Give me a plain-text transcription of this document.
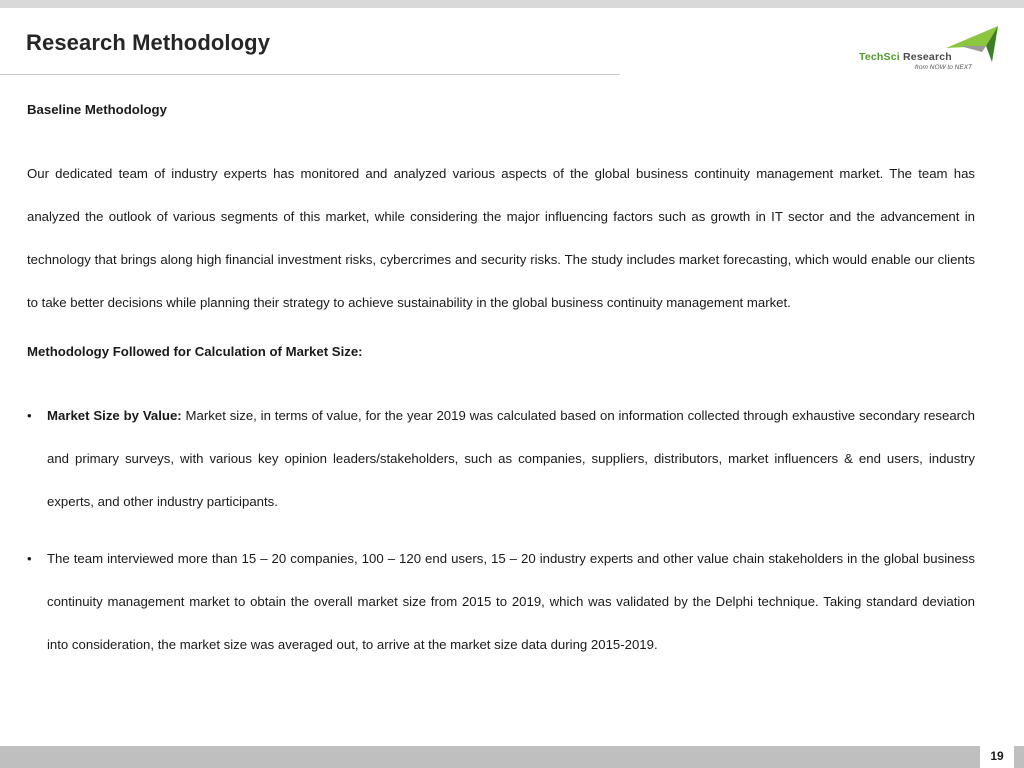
Research Methodology
TechSci Research
from NOW to NEXT

Baseline Methodology

Our dedicated team of industry experts has monitored and analyzed various aspects of the global business continuity management market. The team has analyzed the outlook of various segments of this market, while considering the major influencing factors such as growth in IT sector and the advancement in technology that brings along high financial investment risks, cybercrimes and security risks. The study includes market forecasting, which would enable our clients to take better decisions while planning their strategy to achieve sustainability in the global business continuity management market.

Methodology Followed for Calculation of Market Size:

• Market Size by Value: Market size, in terms of value, for the year 2019 was calculated based on information collected through exhaustive secondary research and primary surveys, with various key opinion leaders/stakeholders, such as companies, suppliers, distributors, market influencers & end users, industry experts, and other industry participants.
• The team interviewed more than 15 – 20 companies, 100 – 120 end users, 15 – 20 industry experts and other value chain stakeholders in the global business continuity management market to obtain the overall market size from 2015 to 2019, which was validated by the Delphi technique. Taking standard deviation into consideration, the market size was averaged out, to arrive at the market size data during 2015-2019.
19
